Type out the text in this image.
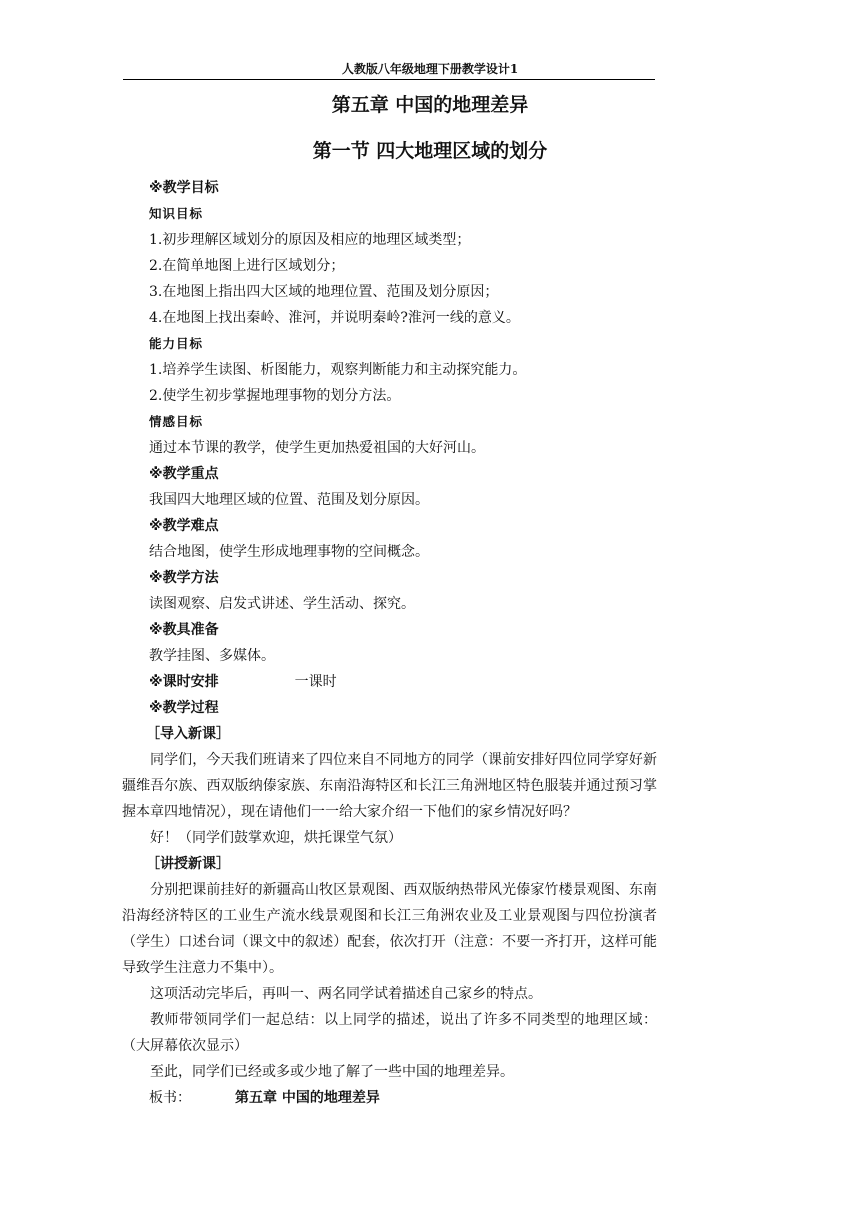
人教版八年级地理下册教学设计1
第五章 中国的地理差异
第一节 四大地理区域的划分
※教学目标
知识目标
1.初步理解区域划分的原因及相应的地理区域类型；
2.在简单地图上进行区域划分；
3.在地图上指出四大区域的地理位置、范围及划分原因；
4.在地图上找出秦岭、淮河，并说明秦岭?淮河一线的意义。
能力目标
1.培养学生读图、析图能力，观察判断能力和主动探究能力。
2.使学生初步掌握地理事物的划分方法。
情感目标
通过本节课的教学，使学生更加热爱祖国的大好河山。
※教学重点
我国四大地理区域的位置、范围及划分原因。
※教学难点
结合地图，使学生形成地理事物的空间概念。
※教学方法
读图观察、启发式讲述、学生活动、探究。
※教具准备
教学挂图、多媒体。
※课时安排	一课时
※教学过程
［导入新课］

同学们，今天我们班请来了四位来自不同地方的同学（课前安排好四位同学穿好新疆维吾尔族、西双版纳傣家族、东南沿海特区和长江三角洲地区特色服装并通过预习掌握本章四地情况），现在请他们一一给大家介绍一下他们的家乡情况好吗？

好！（同学们鼓掌欢迎，烘托课堂气氛）

［讲授新课］

分别把课前挂好的新疆高山牧区景观图、西双版纳热带风光傣家竹楼景观图、东南沿海经济特区的工业生产流水线景观图和长江三角洲农业及工业景观图与四位扮演者（学生）口述台词（课文中的叙述）配套，依次打开（注意：不要一齐打开，这样可能导致学生注意力不集中）。

这项活动完毕后，再叫一、两名同学试着描述自己家乡的特点。

教师带领同学们一起总结：以上同学的描述，说出了许多不同类型的地理区域：（大屏幕依次显示）

至此，同学们已经或多或少地了解了一些中国的地理差异。

板书：	第五章 中国的地理差异
